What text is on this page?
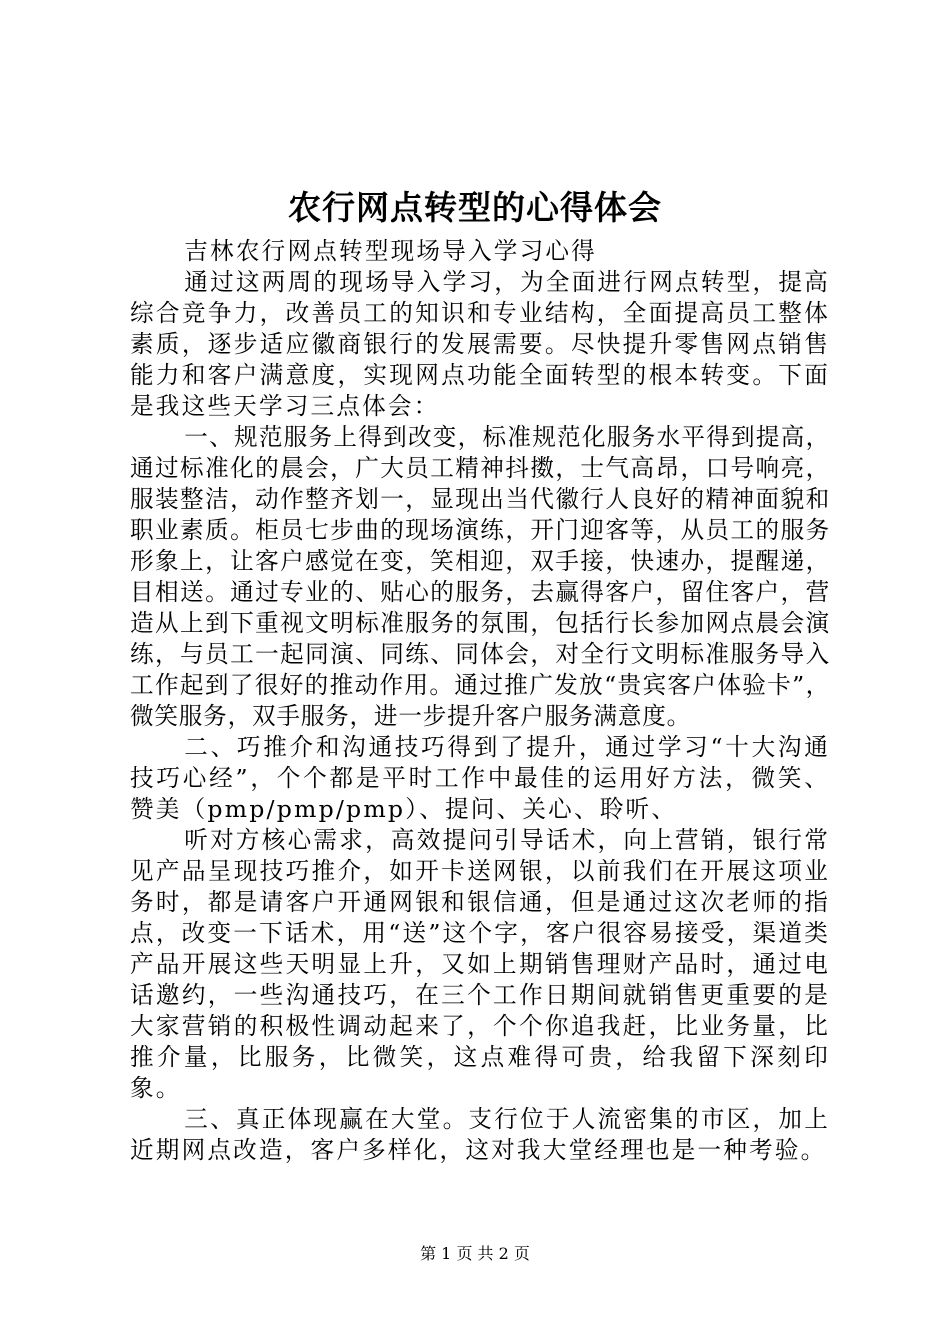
农行网点转型的心得体会

吉林农行网点转型现场导入学习心得

通过这两周的现场导入学习，为全面进行网点转型，提高综合竞争力，改善员工的知识和专业结构，全面提高员工整体素质，逐步适应徽商银行的发展需要。尽快提升零售网点销售能力和客户满意度，实现网点功能全面转型的根本转变。下面是我这些天学习三点体会：

一、规范服务上得到改变，标准规范化服务水平得到提高，通过标准化的晨会，广大员工精神抖擞，士气高昂，口号响亮，服装整洁，动作整齐划一，显现出当代徽行人良好的精神面貌和职业素质。柜员七步曲的现场演练，开门迎客等，从员工的服务形象上，让客户感觉在变，笑相迎，双手接，快速办，提醒递，目相送。通过专业的、贴心的服务，去赢得客户，留住客户，营造从上到下重视文明标准服务的氛围，包括行长参加网点晨会演练，与员工一起同演、同练、同体会，对全行文明标准服务导入工作起到了很好的推动作用。通过推广发放“贵宾客户体验卡”，微笑服务，双手服务，进一步提升客户服务满意度。

二、巧推介和沟通技巧得到了提升，通过学习“十大沟通技巧心经”，个个都是平时工作中最佳的运用好方法，微笑、赞美（pmp/pmp/pmp）、提问、关心、聆听、

听对方核心需求，高效提问引导话术，向上营销，银行常见产品呈现技巧推介，如开卡送网银，以前我们在开展这项业务时，都是请客户开通网银和银信通，但是通过这次老师的指点，改变一下话术，用“送”这个字，客户很容易接受，渠道类产品开展这些天明显上升，又如上期销售理财产品时，通过电话邀约，一些沟通技巧，在三个工作日期间就销售更重要的是大家营销的积极性调动起来了，个个你追我赶，比业务量，比推介量，比服务，比微笑，这点难得可贵，给我留下深刻印象。

三、真正体现赢在大堂。支行位于人流密集的市区，加上近期网点改造，客户多样化，这对我大堂经理也是一种考验。

第 1 页 共 2 页
